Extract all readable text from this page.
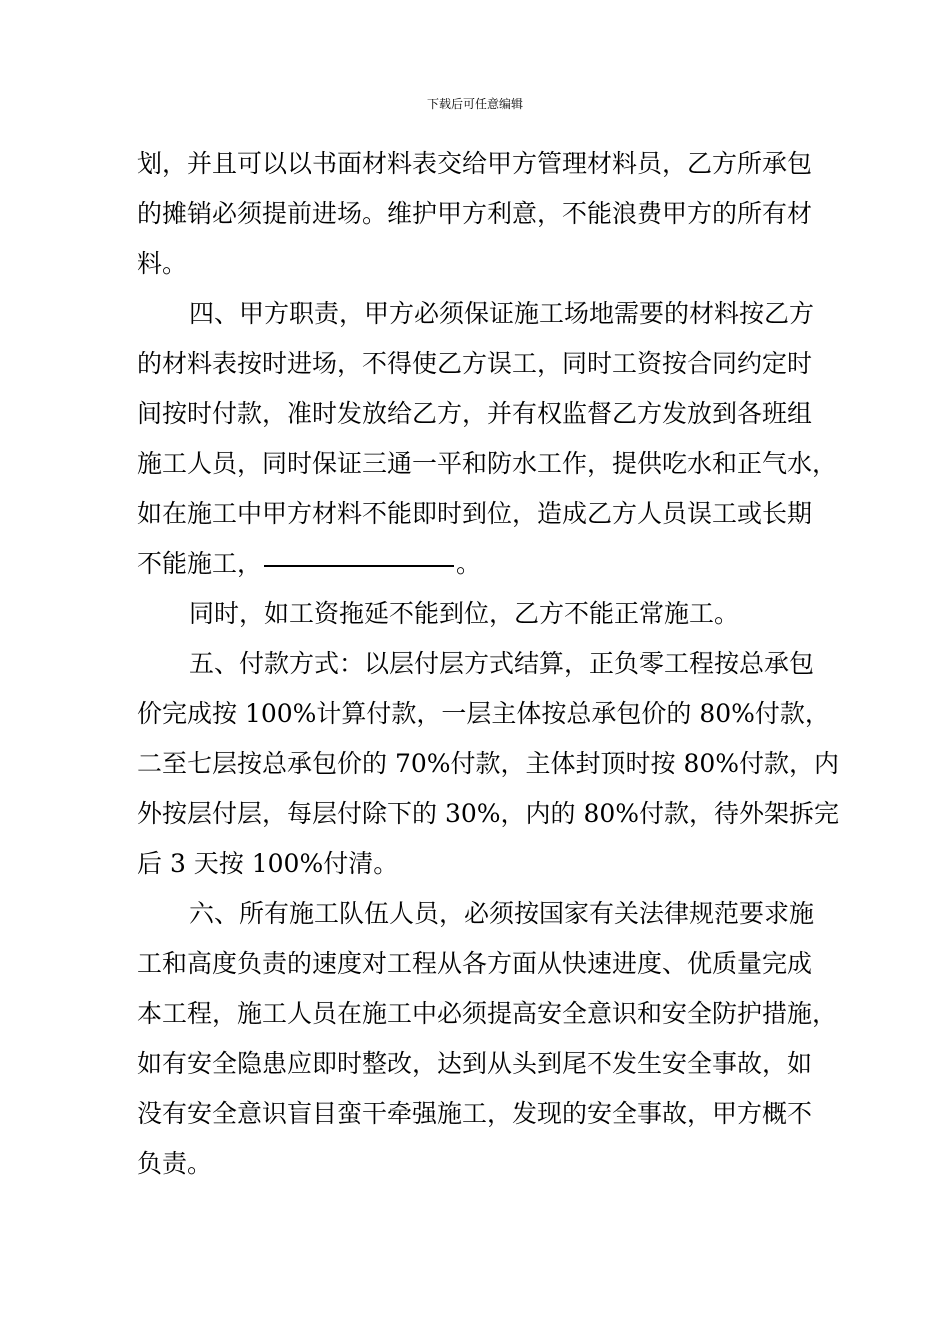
下载后可任意编辑
划，并且可以以书面材料表交给甲方管理材料员，乙方所承包
的摊销必须提前进场。维护甲方利意，不能浪费甲方的所有材
料。
四、甲方职责，甲方必须保证施工场地需要的材料按乙方
的材料表按时进场，不得使乙方误工，同时工资按合同约定时
间按时付款，准时发放给乙方，并有权监督乙方发放到各班组
施工人员，同时保证三通一平和防水工作，提供吃水和正气水，
如在施工中甲方材料不能即时到位，造成乙方人员误工或长期
不能施工，	。
同时，如工资拖延不能到位，乙方不能正常施工。
五、付款方式：以层付层方式结算，正负零工程按总承包
价完成按 100%计算付款，一层主体按总承包价的 80%付款，
二至七层按总承包价的 70%付款，主体封顶时按 80%付款，内
外按层付层，每层付除下的 30%，内的 80%付款，待外架拆完
后 3 天按 100%付清。
六、所有施工队伍人员，必须按国家有关法律规范要求施
工和高度负责的速度对工程从各方面从快速进度、优质量完成
本工程，施工人员在施工中必须提高安全意识和安全防护措施，
如有安全隐患应即时整改，达到从头到尾不发生安全事故，如
没有安全意识盲目蛮干牵强施工，发现的安全事故，甲方概不
负责。
